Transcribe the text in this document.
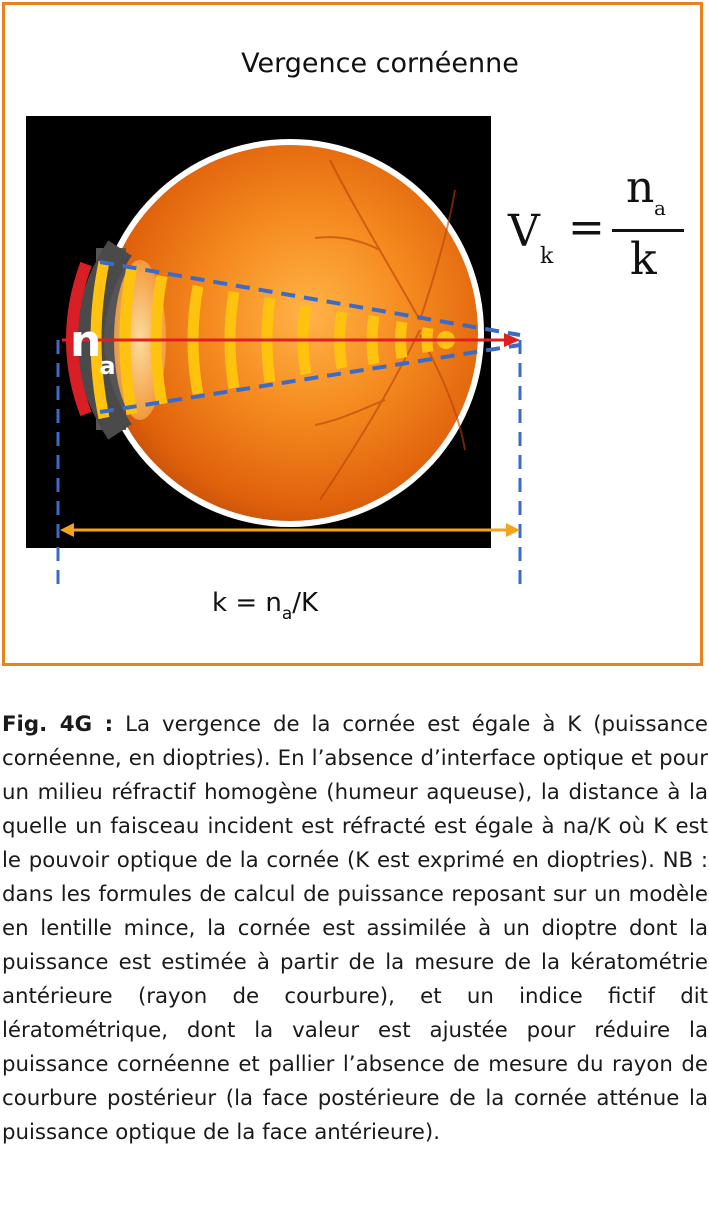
Vergence cornéenne
na
V k
=
n a
k
$k = n_a/K$
Fig. 4G : La vergence de la cornée est égale à K (puissance cornéenne, en dioptries). En l’absence d’interface optique et pour un milieu réfractif homogène (humeur aqueuse), la distance à la quelle un faisceau incident est réfracté est égale à na/K où K est le pouvoir optique de la cornée (K est exprimé en dioptries). NB : dans les formules de calcul de puissance reposant sur un modèle en lentille mince, la cornée est assimilée à un dioptre dont la puissance est estimée à partir de la mesure de la kératométrie antérieure (rayon de courbure), et un indice fictif dit lératométrique, dont la valeur est ajustée pour réduire la puissance cornéenne et pallier l’absence de mesure du rayon de courbure postérieur (la face postérieure de la cornée atténue la puissance optique de la face antérieure).
